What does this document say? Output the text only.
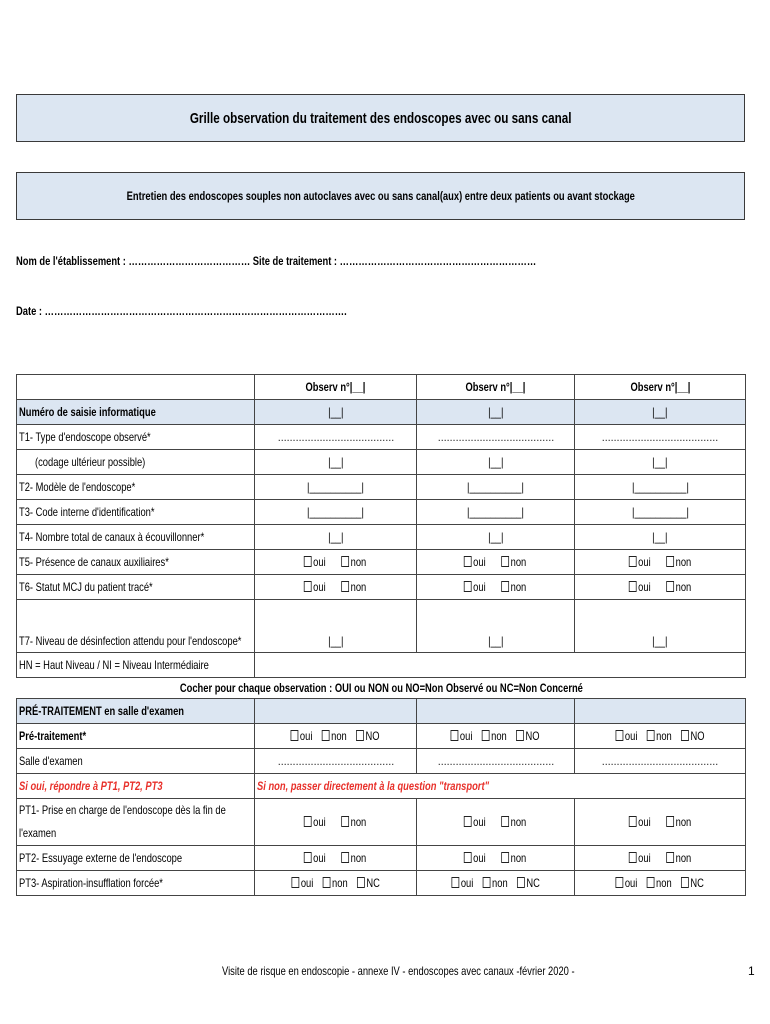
Grille observation du traitement des endoscopes avec ou sans canal
Entretien des endoscopes souples non autoclaves avec ou sans canal(aux) entre deux patients ou avant stockage
Nom de l'établissement : ………………………………… Site de traitement : ………………………………………………………
Date : …………………………………………………………………………………….
	Observ n°|__|	Observ n°|__|	Observ n°|__|
Numéro de saisie informatique	|__|	|__|	|__|
T1- Type d'endoscope observé*	…………………………………	…………………………………	…………………………………
(codage ultérieur possible)	|__|	|__|	|__|
T2- Modèle de l'endoscope*	|__________|	|__________|	|__________|
T3- Code interne d'identification*	|__________|	|__________|	|__________|
T4- Nombre total de canaux à écouvillonner*	|__|	|__|	|__|
T5- Présence de canaux auxiliaires*	oui non	oui non	oui non
T6- Statut MCJ du patient tracé*	oui non	oui non	oui non
T7- Niveau de désinfection attendu pour l'endoscope*	|__|	|__|	|__|
HN = Haut Niveau / NI = Niveau Intermédiaire			
Cocher pour chaque observation : OUI ou NON ou NO=Non Observé ou NC=Non Concerné			
PRÉ-TRAITEMENT en salle d'examen			
Pré-traitement*	oui non NO	oui non NO	oui non NO
Salle d'examen	…………………………………	…………………………………	…………………………………
Si oui, répondre à PT1, PT2, PT3	Si non, passer directement à la question "transport"		
PT1- Prise en charge de l'endoscope dès la fin de
l'examen	oui non	oui non	oui non
PT2- Essuyage externe de l'endoscope	oui non	oui non	oui non
PT3- Aspiration-insufflation forcée*	oui non NC	oui non NC	oui non NC
Visite de risque en endoscopie - annexe IV - endoscopes avec canaux -février 2020 -	1
